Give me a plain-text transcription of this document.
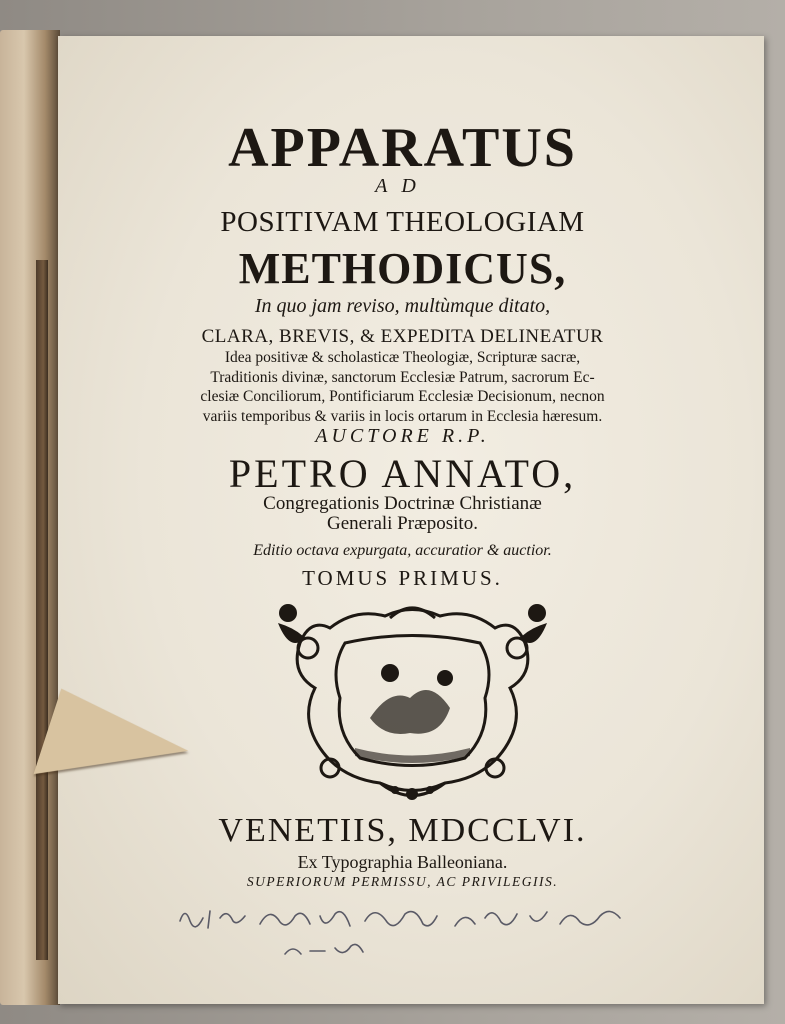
APPARATUS
AD
POSITIVAM THEOLOGIAM
METHODICUS,
In quo jam reviso, multùmque ditato,
CLARA, BREVIS, & EXPEDITA DELINEATUR
Idea positivæ & scholasticæ Theologiæ, Scripturæ sacræ,
Traditionis divinæ, sanctorum Ecclesiæ Patrum, sacrorum Ec-
clesiæ Conciliorum, Pontificiarum Ecclesiæ Decisionum, necnon
variis temporibus & variis in locis ortarum in Ecclesia hæresum.
AUCTORE R.P.
PETRO ANNATO,
Congregationis Doctrinæ Christianæ
Generali Præposito.
Editio octava expurgata, accuratior & auctior.
TOMUS PRIMUS.
VENETIIS, MDCCLVI.
Ex Typographia Balleoniana.
SUPERIORUM PERMISSU, AC PRIVILEGIIS.
